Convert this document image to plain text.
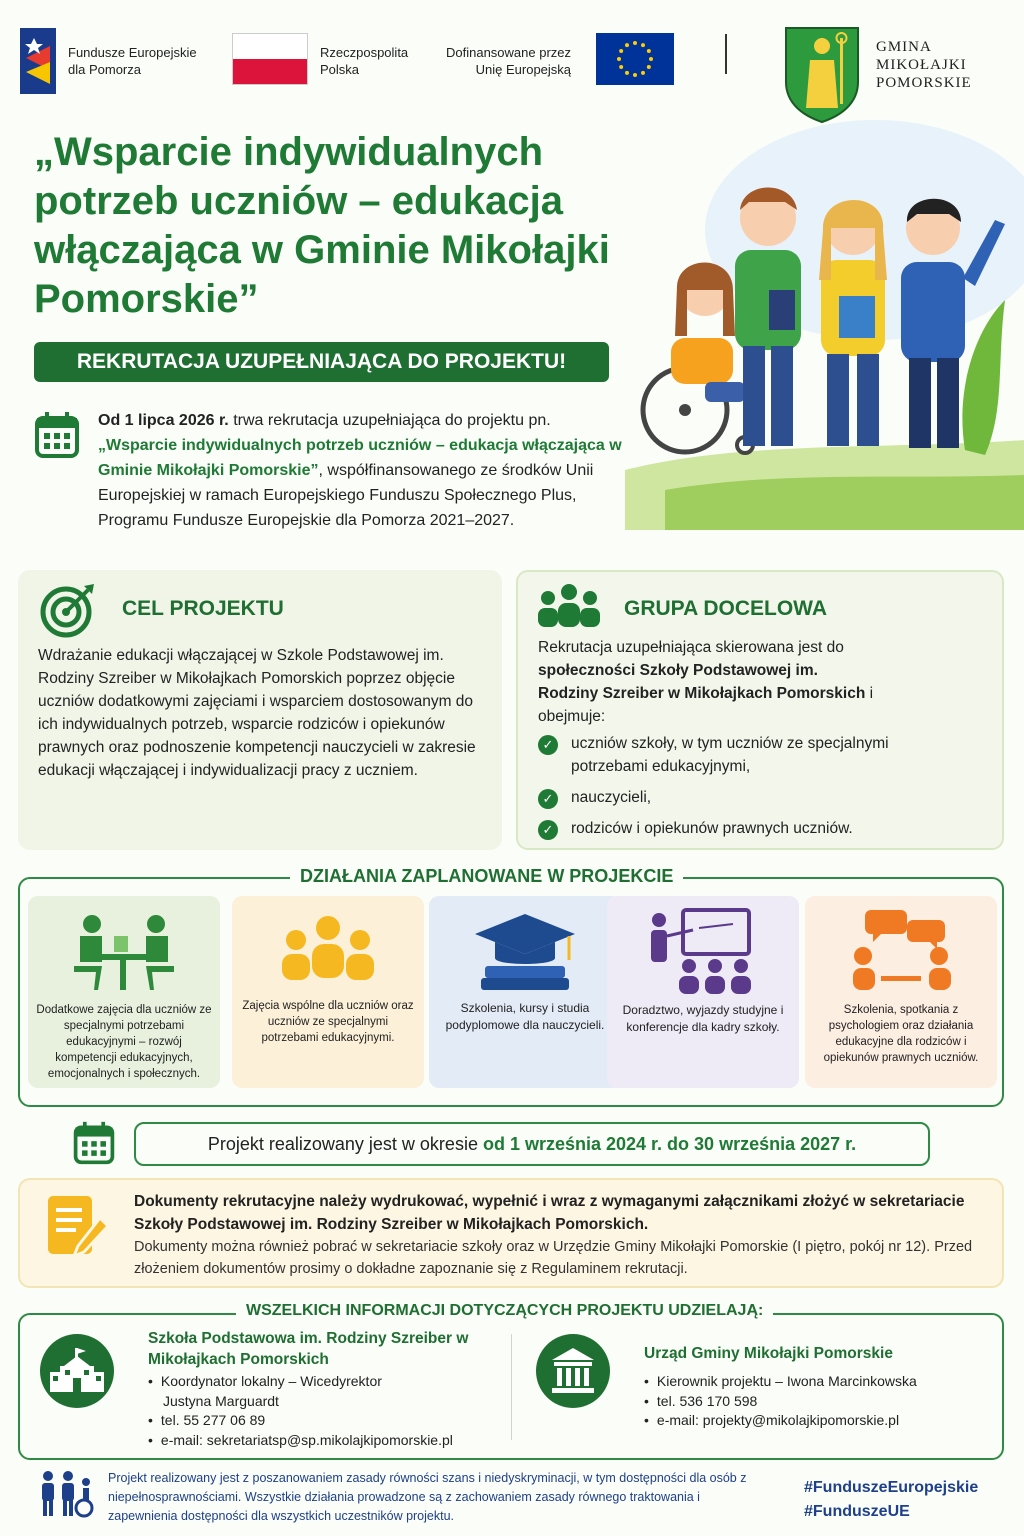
Fundusze Europejskie
dla Pomorza
Rzeczpospolita
Polska
Dofinansowane przez
Unię Europejską
GMINA
MIKOŁAJKI
POMORSKIE
„Wsparcie indywidualnych potrzeb uczniów – edukacja włączająca w Gminie Mikołajki Pomorskie”
REKRUTACJA UZUPEŁNIAJĄCA DO PROJEKTU!

Od 1 lipca 2026 r. trwa rekrutacja uzupełniająca do projektu pn. „Wsparcie indywidualnych potrzeb uczniów – edukacja włączająca w Gminie Mikołajki Pomorskie”, współfinansowanego ze środków Unii Europejskiej w ramach Europejskiego Funduszu Społecznego Plus, Programu Fundusze Europejskie dla Pomorza 2021–2027.

CEL PROJEKTU

Wdrażanie edukacji włączającej w Szkole Podstawowej im. Rodziny Szreiber w Mikołajkach Pomorskich poprzez objęcie uczniów dodatkowymi zajęciami i wsparciem dostosowanym do ich indywidualnych potrzeb, wsparcie rodziców i opiekunów prawnych oraz podnoszenie kompetencji nauczycieli w zakresie edukacji włączającej i indywidualizacji pracy z uczniem.

GRUPA DOCELOWA

Rekrutacja uzupełniająca skierowana jest do społeczności Szkoły Podstawowej im. Rodziny Szreiber w Mikołajkach Pomorskich i obejmuje:

✓ uczniów szkoły, w tym uczniów ze specjalnymi potrzebami edukacyjnymi,
✓ nauczycieli,
✓ rodziców i opiekunów prawnych uczniów.
DZIAŁANIA ZAPLANOWANE W PROJEKCIE
Dodatkowe zajęcia dla uczniów ze specjalnymi potrzebami edukacyjnymi – rozwój kompetencji edukacyjnych, emocjonalnych i społecznych.
Zajęcia wspólne dla uczniów oraz uczniów ze specjalnymi potrzebami edukacyjnymi.
Szkolenia, kursy i studia podyplomowe dla nauczycieli.
Doradztwo, wyjazdy studyjne i konferencje dla kadry szkoły.
Szkolenia, spotkania z psychologiem oraz działania edukacyjne dla rodziców i opiekunów prawnych uczniów.
Projekt realizowany jest w okresie od 1 września 2024 r. do 30 września 2027 r.
Dokumenty rekrutacyjne należy wydrukować, wypełnić i wraz z wymaganymi załącznikami złożyć w sekretariacie Szkoły Podstawowej im. Rodziny Szreiber w Mikołajkach Pomorskich.
Dokumenty można również pobrać w sekretariacie szkoły oraz w Urzędzie Gminy Mikołajki Pomorskie (I piętro, pokój nr 12). Przed złożeniem dokumentów prosimy o dokładne zapoznanie się z Regulaminem rekrutacji.
WSZELKICH INFORMACJI DOTYCZĄCYCH PROJEKTU UDZIELAJĄ:
Szkoła Podstawowa im. Rodziny Szreiber w Mikołajkach Pomorskich
• Koordynator lokalny – Wicedyrektor
Justyna Marguardt
• tel. 55 277 06 89
• e-mail: sekretariatsp@sp.mikolajkipomorskie.pl
Urząd Gminy Mikołajki Pomorskie
• Kierownik projektu – Iwona Marcinkowska
• tel. 536 170 598
• e-mail: projekty@mikolajkipomorskie.pl

Projekt realizowany jest z poszanowaniem zasady równości szans i niedyskryminacji, w tym dostępności dla osób z niepełnosprawnościami. Wszystkie działania prowadzone są z zachowaniem zasady równego traktowania i zapewnienia dostępności dla wszystkich uczestników projektu.

#FunduszeEuropejskie
#FunduszeUE
